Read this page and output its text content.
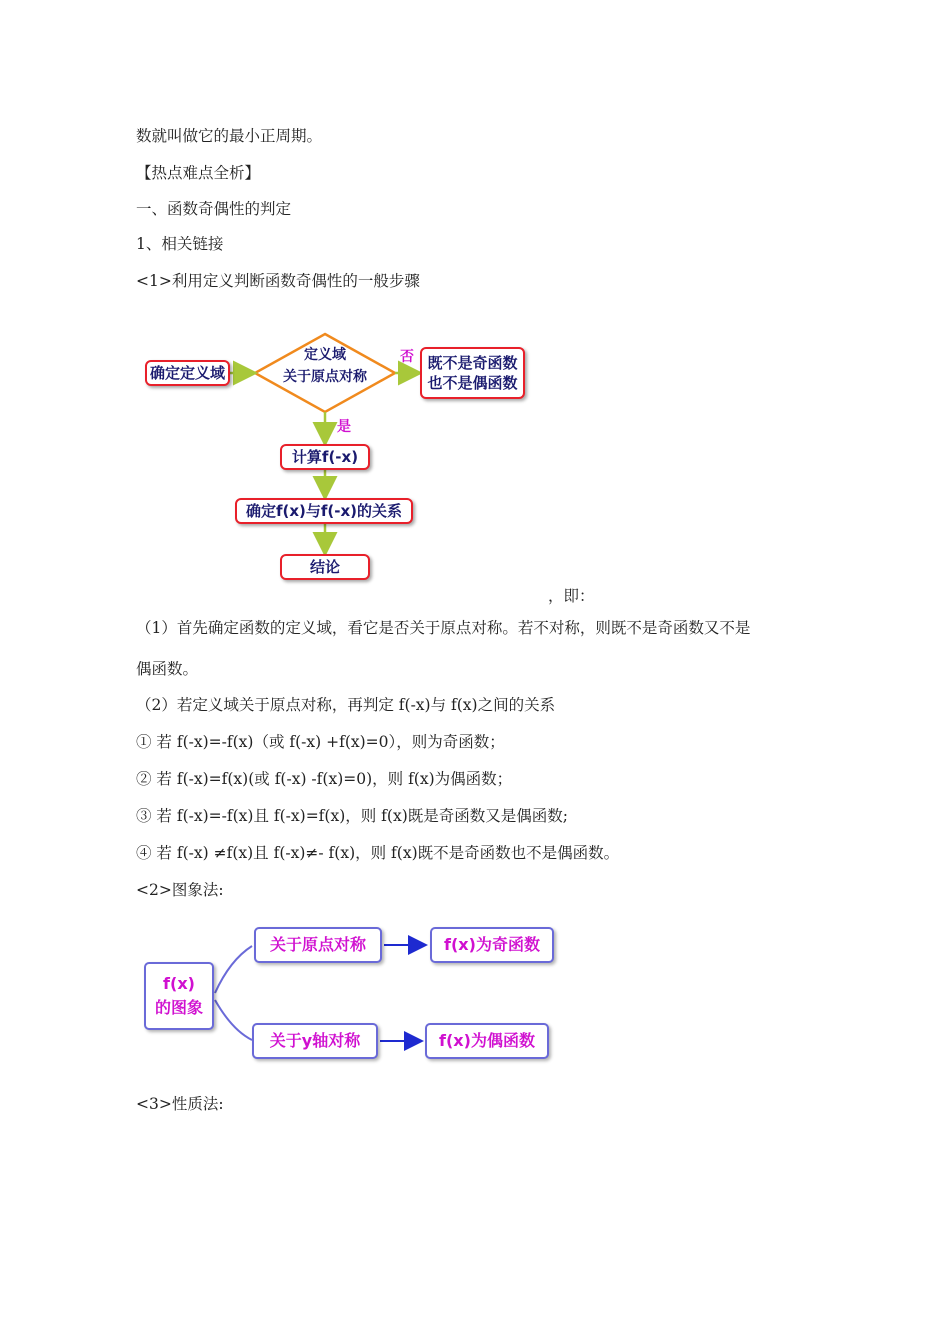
数就叫做它的最小正周期。
【热点难点全析】
一、函数奇偶性的判定
1、相关链接
<1>利用定义判断函数奇偶性的一般步骤
确定定义域
定义域
关于原点对称
否 既不是奇函数
也不是偶函数
是
计算f(-x)
确定f(x)与f(-x)的关系
结论
，即：
（1）首先确定函数的定义域，看它是否关于原点对称。若不对称，则既不是奇函数又不是
偶函数。
（2）若定义域关于原点对称，再判定 f(-x)与 f(x)之间的关系
① 若 f(-x)=-f(x)（或 f(-x) +f(x)=0），则为奇函数；
② 若 f(-x)=f(x)(或 f(-x) -f(x)=0)，则 f(x)为偶函数；
③ 若 f(-x)=-f(x)且 f(-x)=f(x)，则 f(x)既是奇函数又是偶函数;
④ 若 f(-x) ≠f(x)且 f(-x)≠- f(x)，则 f(x)既不是奇函数也不是偶函数。
<2>图象法:
f(x)
的图象
关于原点对称	f(x)为奇函数
关于y轴对称	f(x)为偶函数
<3>性质法:
